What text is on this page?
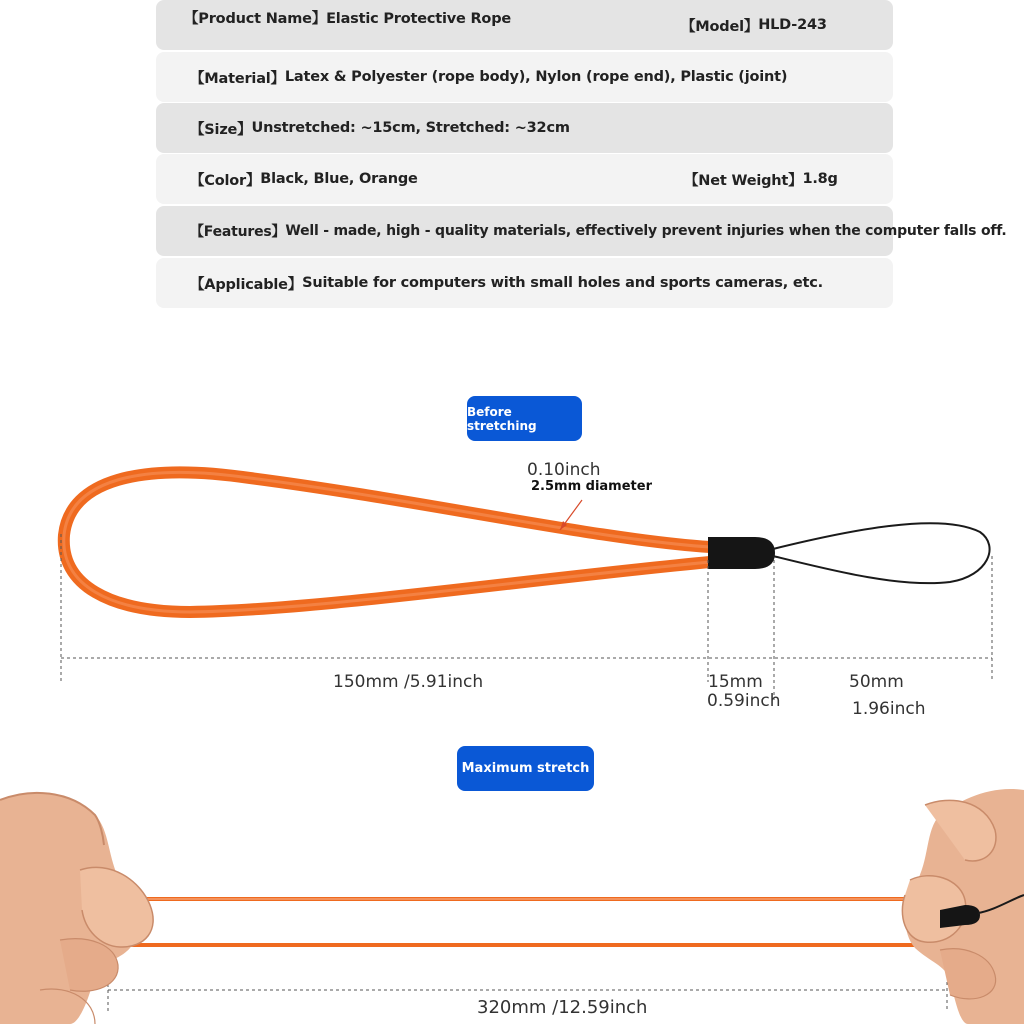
【Product Name】Elastic Protective Rope	【Model】 HLD-243
【Material】 Latex & Polyester (rope body), Nylon (rope end), Plastic (joint)
【Size】 Unstretched: ~15cm, Stretched: ~32cm
【Color】 Black, Blue, Orange	【Net Weight】 1.8g
【Features】 Well - made, high - quality materials, effectively prevent injuries when the computer falls off.
【Applicable】 Suitable for computers with small holes and sports cameras, etc.
Before stretching
Maximum stretch
0.10inch
2.5mm diameter
150mm /5.91inch	15mm
0.59inch
50mm
1.96inch
320mm /12.59inch
